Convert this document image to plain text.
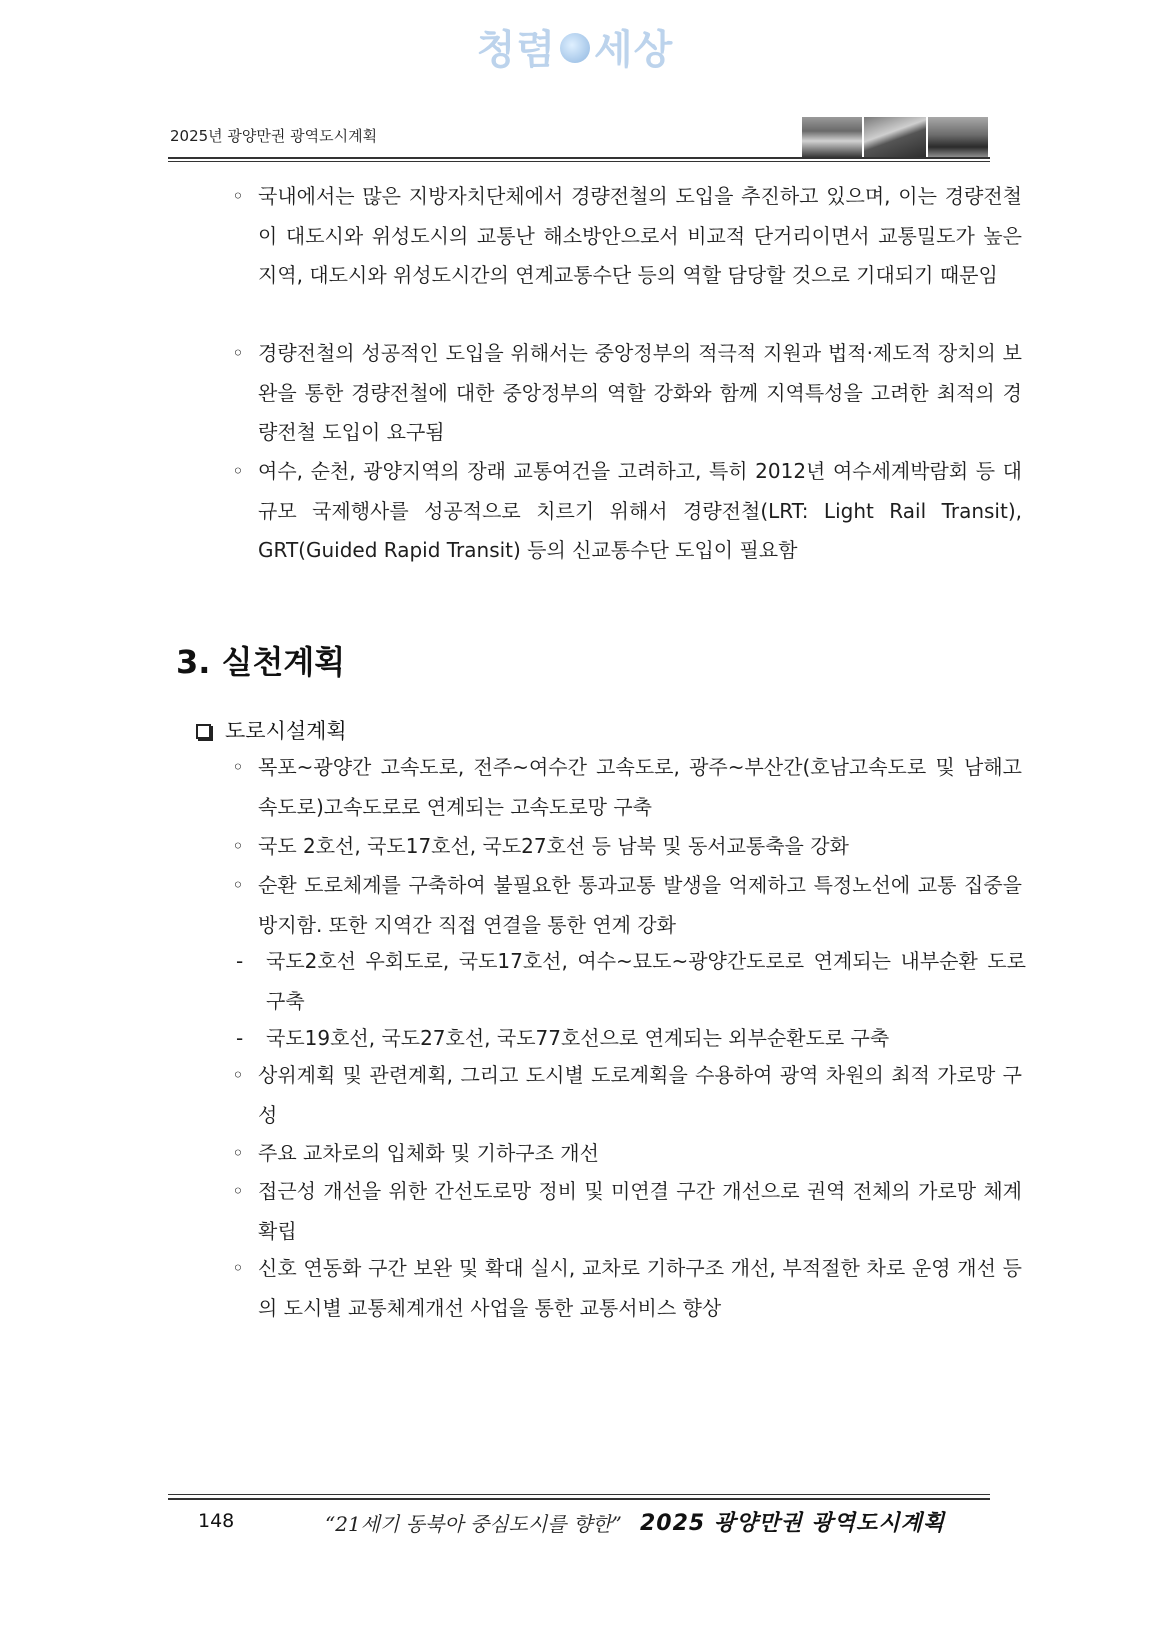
청렴 세상
2025년 광양만권 광역도시계획
◦ 국내에서는 많은 지방자치단체에서 경량전철의 도입을 추진하고 있으며, 이는 경량전철이 대도시와 위성도시의 교통난 해소방안으로서 비교적 단거리이면서 교통밀도가 높은 지역, 대도시와 위성도시간의 연계교통수단 등의 역할 담당할 것으로 기대되기 때문임
◦ 경량전철의 성공적인 도입을 위해서는 중앙정부의 적극적 지원과 법적·제도적 장치의 보완을 통한 경량전철에 대한 중앙정부의 역할 강화와 함께 지역특성을 고려한 최적의 경량전철 도입이 요구됨
◦ 여수, 순천, 광양지역의 장래 교통여건을 고려하고, 특히 2012년 여수세계박람회 등 대규모 국제행사를 성공적으로 치르기 위해서 경량전철(LRT: Light Rail Transit), GRT(Guided Rapid Transit) 등의 신교통수단 도입이 필요함
3. 실천계획
도로시설계획
◦ 목포~광양간 고속도로, 전주~여수간 고속도로, 광주~부산간(호남고속도로 및 남해고속도로)고속도로로 연계되는 고속도로망 구축
◦ 국도 2호선, 국도17호선, 국도27호선 등 남북 및 동서교통축을 강화
◦ 순환 도로체계를 구축하여 불필요한 통과교통 발생을 억제하고 특정노선에 교통 집중을 방지함. 또한 지역간 직접 연결을 통한 연계 강화
- 국도2호선 우회도로, 국도17호선, 여수~묘도~광양간도로로 연계되는 내부순환 도로 구축
- 국도19호선, 국도27호선, 국도77호선으로 연계되는 외부순환도로 구축
◦ 상위계획 및 관련계획, 그리고 도시별 도로계획을 수용하여 광역 차원의 최적 가로망 구성
◦ 주요 교차로의 입체화 및 기하구조 개선
◦ 접근성 개선을 위한 간선도로망 정비 및 미연결 구간 개선으로 권역 전체의 가로망 체계 확립
◦ 신호 연동화 구간 보완 및 확대 실시, 교차로 기하구조 개선, 부적절한 차로 운영 개선 등의 도시별 교통체계개선 사업을 통한 교통서비스 향상
148	“21세기 동북아 중심도시를 향한” 2025 광양만권 광역도시계획
